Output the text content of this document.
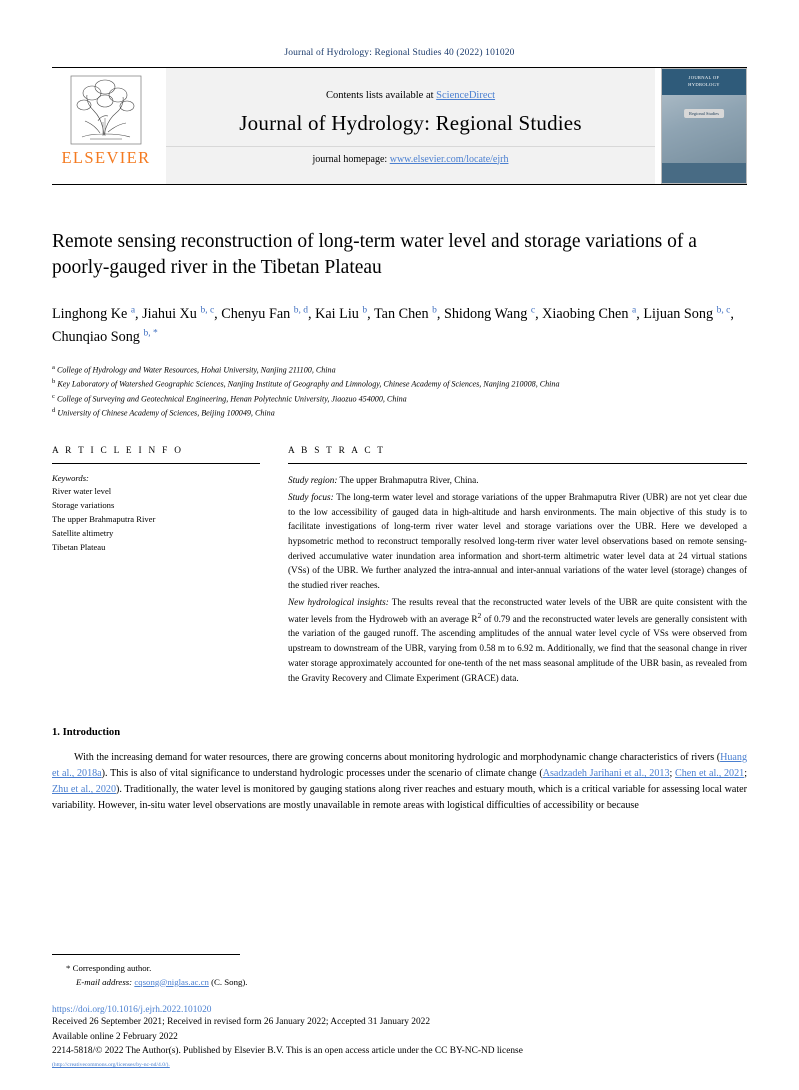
Journal of Hydrology: Regional Studies 40 (2022) 101020
ELSEVIER
Contents lists available at ScienceDirect
Journal of Hydrology: Regional Studies
journal homepage: www.elsevier.com/locate/ejrh
JOURNAL OF
HYDROLOGY
Regional Studies
Remote sensing reconstruction of long-term water level and storage variations of a poorly-gauged river in the Tibetan Plateau
Linghong Ke $^a$, Jiahui Xu $^{b, c}$, Chenyu Fan $^{b, d}$, Kai Liu $^b$, Tan Chen $^b$, Shidong Wang $^c$, Xiaobing Chen $^a$, Lijuan Song $^{b, c}$, Chunqiao Song $^{b, *}$
$^a$ College of Hydrology and Water Resources, Hohai University, Nanjing 211100, China
$^b$ Key Laboratory of Watershed Geographic Sciences, Nanjing Institute of Geography and Limnology, Chinese Academy of Sciences, Nanjing 210008, China
$^c$ College of Surveying and Geotechnical Engineering, Henan Polytechnic University, Jiaozuo 454000, China
$^d$ University of Chinese Academy of Sciences, Beijing 100049, China
A R T I C L E I N F O
Keywords:
River water level
Storage variations
The upper Brahmaputra River
Satellite altimetry
Tibetan Plateau
A B S T R A C T

Study region: The upper Brahmaputra River, China.

Study focus: The long-term water level and storage variations of the upper Brahmaputra River (UBR) are not yet clear due to the low accessibility of gauged data in high-altitude and harsh environments. The main objective of this study is to facilitate investigations of long-term river water level and storage variations over the UBR. Here we developed a hypsometric method to reconstruct temporally resolved long-term river water level observations based on remote sensing-derived accumulative water inundation area information and short-term altimetric water level data at 24 virtual stations (VSs) of the UBR. We further analyzed the intra-annual and inter-annual variations of the water level (storage) changes of the studied river reaches.

New hydrological insights: The results reveal that the reconstructed water levels of the UBR are quite consistent with the water levels from the Hydroweb with an average $R^2$ of 0.79 and the reconstructed water levels are generally consistent with the variation of the gauged runoff. The ascending amplitudes of the annual water level cycle of VSs were observed from upstream to downstream of the UBR, varying from 0.58 m to 6.92 m. Additionally, we find that the seasonal change in river water storage approximately accounted for one-tenth of the net mass seasonal amplitude of the UBR basin, as revealed from the Gravity Recovery and Climate Experiment (GRACE) data.

1. Introduction

With the increasing demand for water resources, there are growing concerns about monitoring hydrologic and morphodynamic change characteristics of rivers (Huang et al., 2018a). This is also of vital significance to understand hydrologic processes under the scenario of climate change (Asadzadeh Jarihani et al., 2013; Chen et al., 2021; Zhu et al., 2020). Traditionally, the water level is monitored by gauging stations along river reaches and estuary mouth, which is a critical variable for assessing local water variability. However, in-situ water level observations are mostly unavailable in remote areas with logistical difficulties of accessibility or because

* Corresponding author.
E-mail address: cqsong@niglas.ac.cn (C. Song).
https://doi.org/10.1016/j.ejrh.2022.101020
Received 26 September 2021; Received in revised form 26 January 2022; Accepted 31 January 2022
Available online 2 February 2022
2214-5818/© 2022 The Author(s). Published by Elsevier B.V. This is an open access article under the CC BY-NC-ND license
(http://creativecommons.org/licenses/by-nc-nd/4.0/).
